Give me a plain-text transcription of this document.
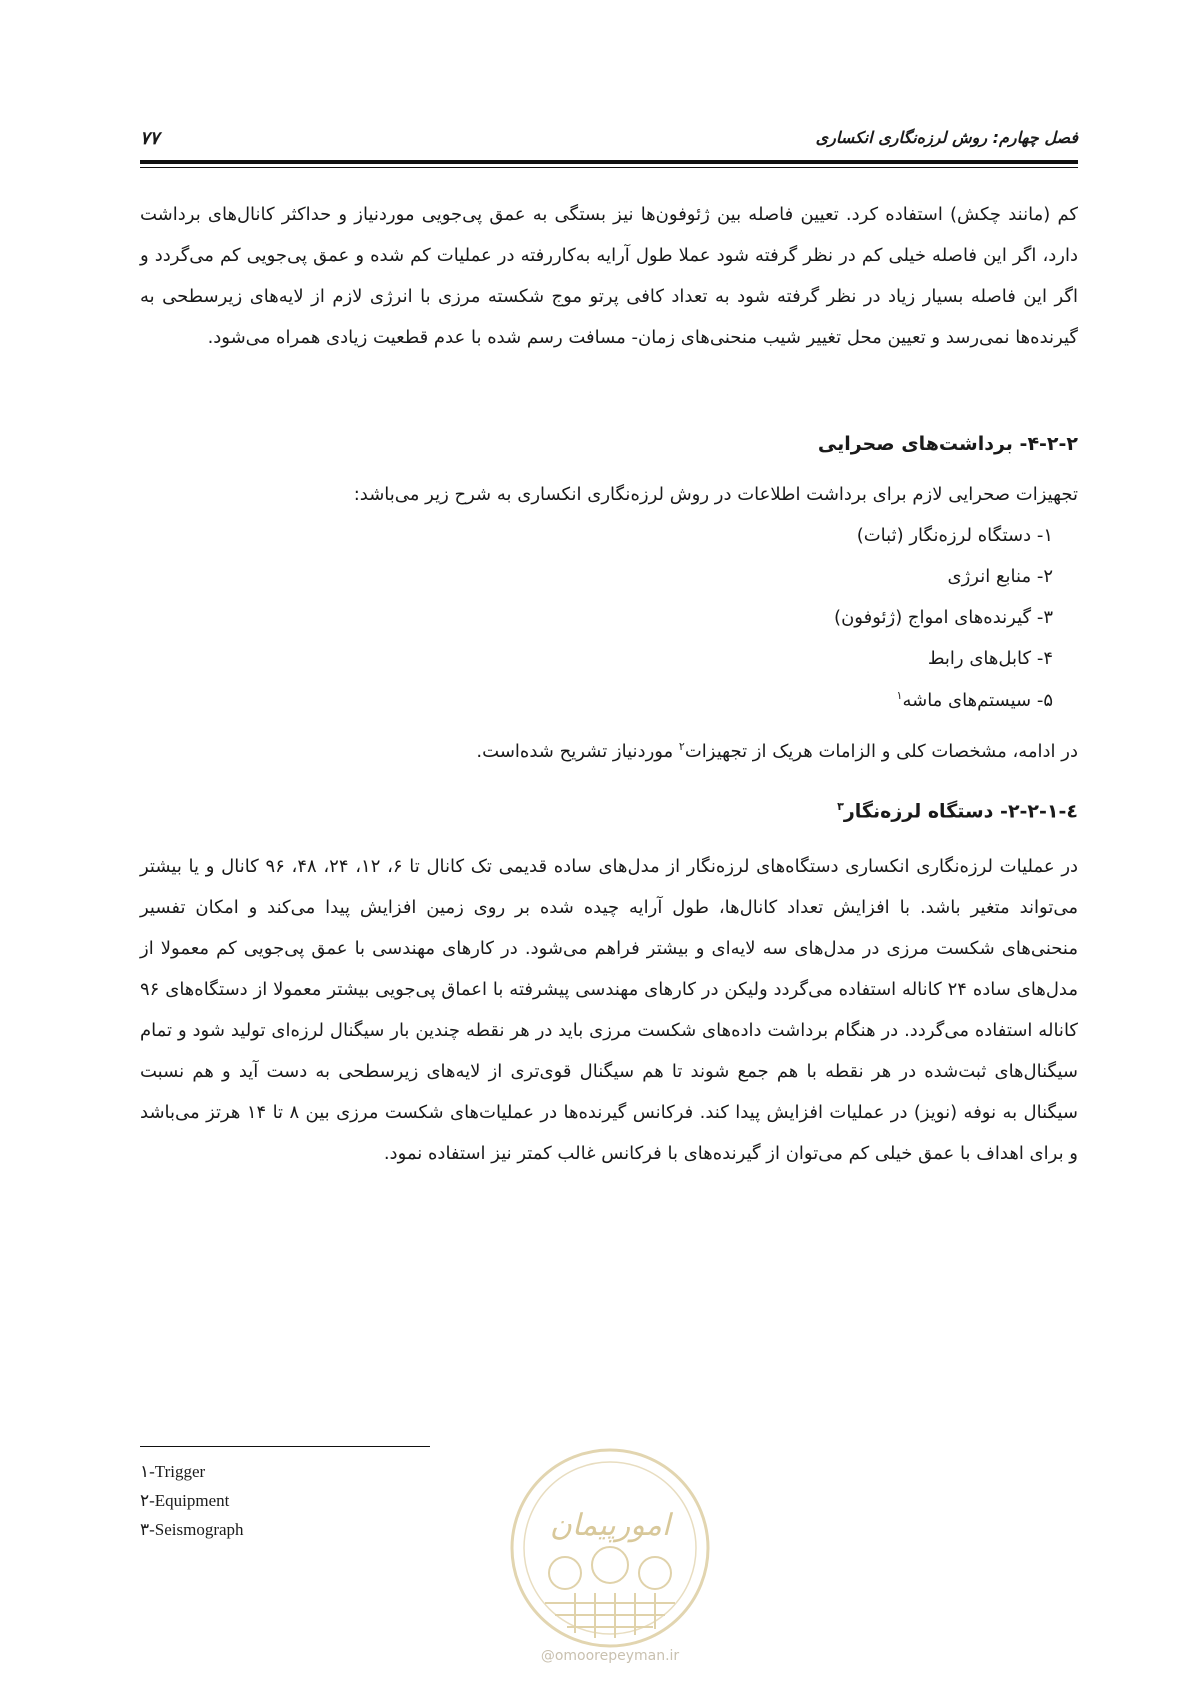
فصل چهارم: روش لرزه‌نگاری انکساری
۷۷

کم (مانند چکش) استفاده کرد. تعیین فاصله بین ژئوفون‌ها نیز بستگی به عمق پی‌جویی موردنیاز و حداکثر کانال‌های برداشت دارد، اگر این فاصله خیلی کم در نظر گرفته شود عملا طول آرایه به‌کاررفته در عملیات کم شده و عمق پی‌جویی کم می‌گردد و اگر این فاصله بسیار زیاد در نظر گرفته شود به تعداد کافی پرتو موج شکسته مرزی با انرژی لازم از لایه‌های زیرسطحی به گیرنده‌ها نمی‌رسد و تعیین محل تغییر شیب منحنی‌های زمان- مسافت رسم شده با عدم قطعیت زیادی همراه می‌شود.

۴-۲-۲- برداشت‌های صحرایی

تجهیزات صحرایی لازم برای برداشت اطلاعات در روش لرزه‌نگاری انکساری به شرح زیر می‌باشد:

۱- دستگاه لرزه‌نگار (ثبات)

۲- منابع انرژی

۳- گیرنده‌های امواج (ژئوفون)

۴- کابل‌های رابط

۵- سیستم‌های ماشه$^۱$

در ادامه، مشخصات کلی و الزامات هریک از تجهیزات$^۲$ موردنیاز تشریح شده‌است.

٤-۲-۲-۱- دستگاه لرزه‌نگار$^۳$

در عملیات لرزه‌نگاری انکساری دستگاه‌های لرزه‌نگار از مدل‌های ساده قدیمی تک کانال تا ۶، ۱۲، ۲۴، ۴۸، ۹۶ کانال و یا بیشتر می‌تواند متغیر باشد. با افزایش تعداد کانال‌ها، طول آرایه چیده شده بر روی زمین افزایش پیدا می‌کند و امکان تفسیر منحنی‌های شکست مرزی در مدل‌های سه لایه‌ای و بیشتر فراهم می‌شود. در کارهای مهندسی با عمق پی‌جویی کم معمولا از مدل‌های ساده ۲۴ کاناله استفاده می‌گردد ولیکن در کارهای مهندسی پیشرفته با اعماق پی‌جویی بیشتر معمولا از دستگاه‌های ۹۶ کاناله استفاده می‌گردد. در هنگام برداشت داده‌های شکست مرزی باید در هر نقطه چندین بار سیگنال لرزه‌ای تولید شود و تمام سیگنال‌های ثبت‌شده در هر نقطه با هم جمع شوند تا هم سیگنال قوی‌تری از لایه‌های زیرسطحی به دست آید و هم نسبت سیگنال به نوفه (نویز) در عملیات افزایش پیدا کند. فرکانس گیرنده‌ها در عملیات‌های شکست مرزی بین ۸ تا ۱۴ هرتز می‌باشد و برای اهداف با عمق خیلی کم می‌توان از گیرنده‌های با فرکانس غالب کمتر نیز استفاده نمود.

۱-Trigger
۲-Equipment
۳-Seismograph	امورپیمان
@omoorepeyman.ir
